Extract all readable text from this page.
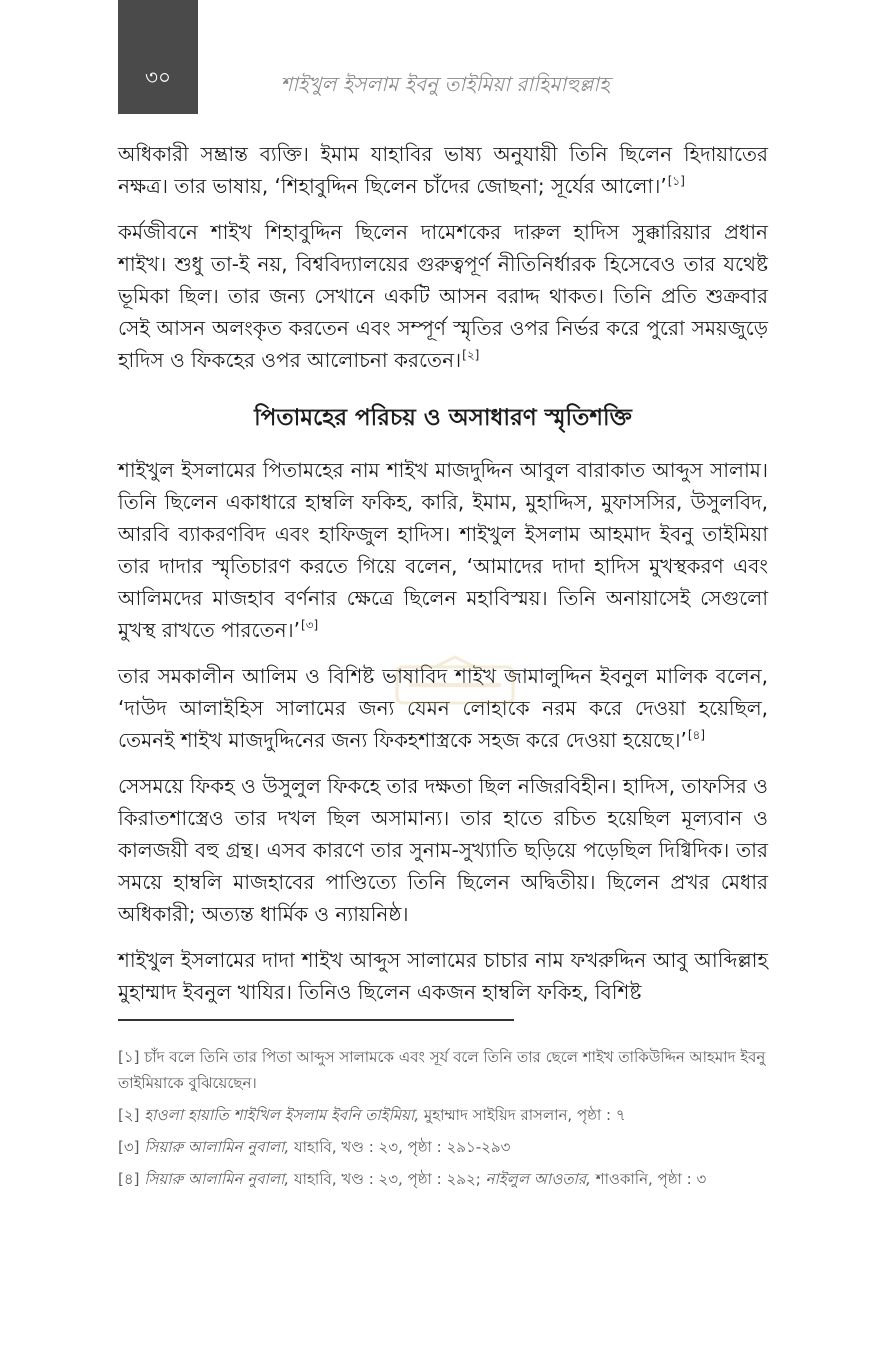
৩০	শাইখুল ইসলাম ইবনু তাইমিয়া রাহিমাহুল্লাহ

অধিকারী সম্ভ্রান্ত ব্যক্তি। ইমাম যাহাবির ভাষ্য অনুযায়ী তিনি ছিলেন হিদায়াতের নক্ষত্র। তার ভাষায়, ‘শিহাবুদ্দিন ছিলেন চাঁদের জোছনা; সূর্যের আলো।’[১]

কর্মজীবনে শাইখ শিহাবুদ্দিন ছিলেন দামেশকের দারুল হাদিস সুক্কারিয়ার প্রধান শাইখ। শুধু তা-ই নয়, বিশ্ববিদ্যালয়ের গুরুত্বপূর্ণ নীতিনির্ধারক হিসেবেও তার যথেষ্ট ভূমিকা ছিল। তার জন্য সেখানে একটি আসন বরাদ্দ থাকত। তিনি প্রতি শুক্রবার সেই আসন অলংকৃত করতেন এবং সম্পূর্ণ স্মৃতির ওপর নির্ভর করে পুরো সময়জুড়ে হাদিস ও ফিকহের ওপর আলোচনা করতেন।[২]

পিতামহের পরিচয় ও অসাধারণ স্মৃতিশক্তি

শাইখুল ইসলামের পিতামহের নাম শাইখ মাজদুদ্দিন আবুল বারাকাত আব্দুস সালাম। তিনি ছিলেন একাধারে হাম্বলি ফকিহ, কারি, ইমাম, মুহাদ্দিস, মুফাসসির, উসুলবিদ, আরবি ব্যাকরণবিদ এবং হাফিজুল হাদিস। শাইখুল ইসলাম আহমাদ ইবনু তাইমিয়া তার দাদার স্মৃতিচারণ করতে গিয়ে বলেন, ‘আমাদের দাদা হাদিস মুখস্থকরণ এবং আলিমদের মাজহাব বর্ণনার ক্ষেত্রে ছিলেন মহাবিস্ময়। তিনি অনায়াসেই সেগুলো মুখস্থ রাখতে পারতেন।’[৩]

তার সমকালীন আলিম ও বিশিষ্ট ভাষাবিদ শাইখ জামালুদ্দিন ইবনুল মালিক বলেন, ‘দাউদ আলাইহিস সালামের জন্য যেমন লোহাকে নরম করে দেওয়া হয়েছিল, তেমনই শাইখ মাজদুদ্দিনের জন্য ফিকহশাস্ত্রকে সহজ করে দেওয়া হয়েছে।’[৪]

সেসময়ে ফিকহ ও উসুলুল ফিকহে তার দক্ষতা ছিল নজিরবিহীন। হাদিস, তাফসির ও কিরাতশাস্ত্রেও তার দখল ছিল অসামান্য। তার হাতে রচিত হয়েছিল মূল্যবান ও কালজয়ী বহু গ্রন্থ। এসব কারণে তার সুনাম-সুখ্যাতি ছড়িয়ে পড়েছিল দিগ্বিদিক। তার সময়ে হাম্বলি মাজহাবের পাণ্ডিত্যে তিনি ছিলেন অদ্বিতীয়। ছিলেন প্রখর মেধার অধিকারী; অত্যন্ত ধার্মিক ও ন্যায়নিষ্ঠ।

শাইখুল ইসলামের দাদা শাইখ আব্দুস সালামের চাচার নাম ফখরুদ্দিন আবু আব্দিল্লাহ মুহাম্মাদ ইবনুল খাযির। তিনিও ছিলেন একজন হাম্বলি ফকিহ, বিশিষ্ট

[১] চাঁদ বলে তিনি তার পিতা আব্দুস সালামকে এবং সূর্য বলে তিনি তার ছেলে শাইখ তাকিউদ্দিন আহমাদ ইবনু তাইমিয়াকে বুঝিয়েছেন।
[২] হাওলা হায়াতি শাইখিল ইসলাম ইবনি তাইমিয়া, মুহাম্মাদ সাইয়িদ রাসলান, পৃষ্ঠা : ৭
[৩] সিয়ারু আলামিন নুবালা, যাহাবি, খণ্ড : ২৩, পৃষ্ঠা : ২৯১-২৯৩
[৪] সিয়ারু আলামিন নুবালা, যাহাবি, খণ্ড : ২৩, পৃষ্ঠা : ২৯২; নাইলুল আওতার, শাওকানি, পৃষ্ঠা : ৩
